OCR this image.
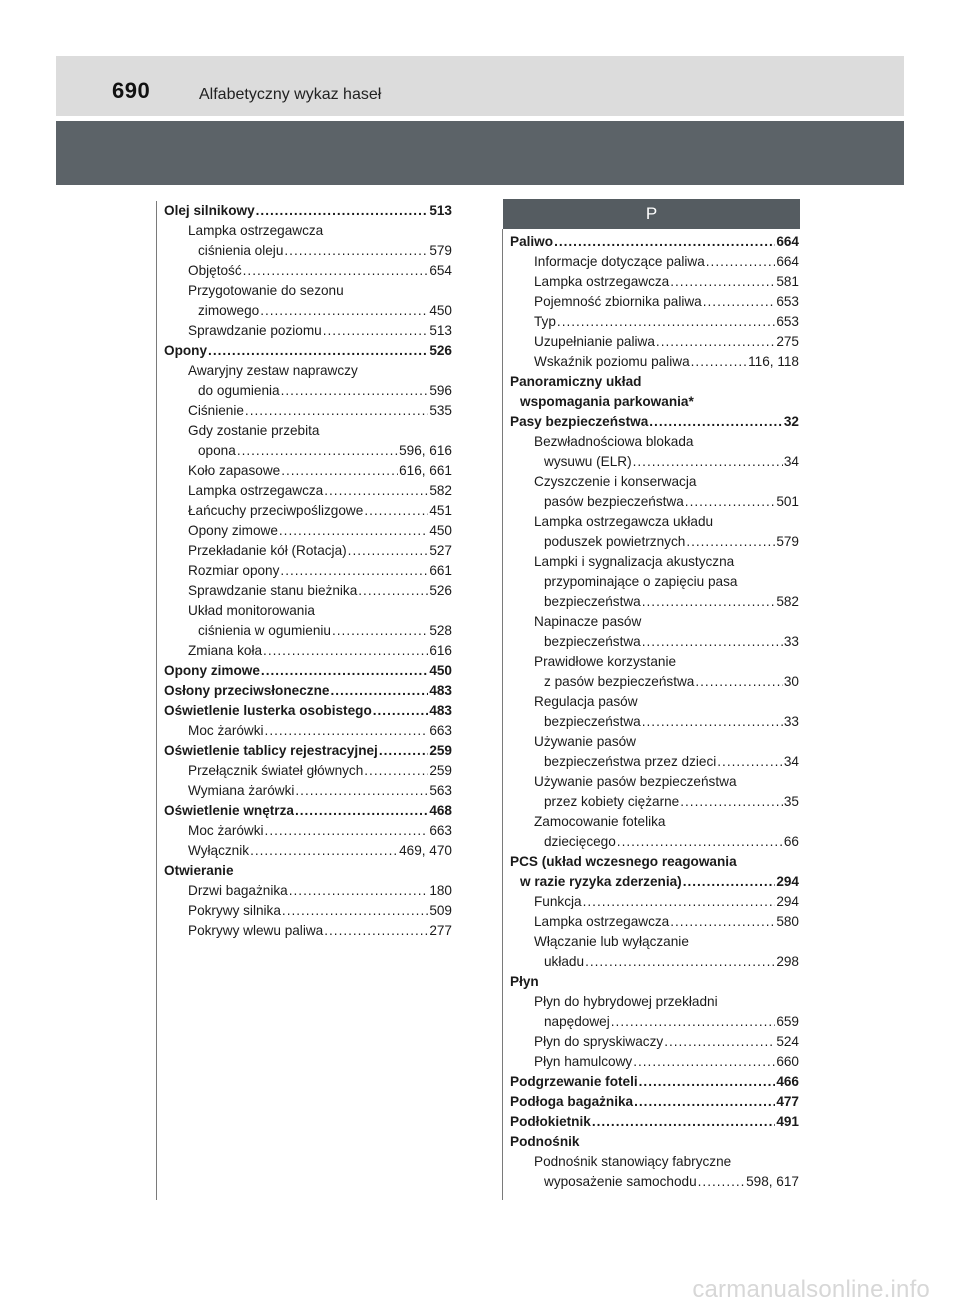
690	Alfabetyczny wykaz haseł
Olej silnikowy .....	513
Lampka ostrzegawcza
ciśnienia oleju .....	579
Objętość .....	654
Przygotowanie do sezonu
zimowego .....	450
Sprawdzanie poziomu .....	513
Opony .....	526
Awaryjny zestaw naprawczy
do ogumienia .....	596
Ciśnienie .....	535
Gdy zostanie przebita
opona .....	596, 616
Koło zapasowe .....	616, 661
Lampka ostrzegawcza .....	582
Łańcuchy przeciwpoślizgowe .....	451
Opony zimowe .....	450
Przekładanie kół (Rotacja) .....	527
Rozmiar opony .....	661
Sprawdzanie stanu bieżnika .....	526
Układ monitorowania
ciśnienia w ogumieniu .....	528
Zmiana koła .....	616
Opony zimowe .....	450
Osłony przeciwsłoneczne .....	483
Oświetlenie lusterka osobistego .....	483
Moc żarówki .....	663
Oświetlenie tablicy rejestracyjnej .....	259
Przełącznik świateł głównych .....	259
Wymiana żarówki .....	563
Oświetlenie wnętrza .....	468
Moc żarówki .....	663
Wyłącznik .....	469, 470
Otwieranie
Drzwi bagażnika .....	180
Pokrywy silnika .....	509
Pokrywy wlewu paliwa .....	277
P
Paliwo .....	664
Informacje dotyczące paliwa .....	664
Lampka ostrzegawcza .....	581
Pojemność zbiornika paliwa .....	653
Typ .....	653
Uzupełnianie paliwa .....	275
Wskaźnik poziomu paliwa .....	116, 118
Panoramiczny układ
wspomagania parkowania*
Pasy bezpieczeństwa .....	32
Bezwładnościowa blokada
wysuwu (ELR) .....	34
Czyszczenie i konserwacja
pasów bezpieczeństwa .....	501
Lampka ostrzegawcza układu
poduszek powietrznych .....	579
Lampki i sygnalizacja akustyczna
przypominające o zapięciu pasa
bezpieczeństwa .....	582
Napinacze pasów
bezpieczeństwa .....	33
Prawidłowe korzystanie
z pasów bezpieczeństwa .....	30
Regulacja pasów
bezpieczeństwa .....	33
Używanie pasów
bezpieczeństwa przez dzieci .....	34
Używanie pasów bezpieczeństwa
przez kobiety ciężarne .....	35
Zamocowanie fotelika
dziecięcego .....	66
PCS (układ wczesnego reagowania
w razie ryzyka zderzenia) .....	294
Funkcja .....	294
Lampka ostrzegawcza .....	580
Włączanie lub wyłączanie
układu .....	298
Płyn
Płyn do hybrydowej przekładni
napędowej .....	659
Płyn do spryskiwaczy .....	524
Płyn hamulcowy .....	660
Podgrzewanie foteli .....	466
Podłoga bagażnika .....	477
Podłokietnik .....	491
Podnośnik
Podnośnik stanowiący fabryczne
wyposażenie samochodu .....	598, 617
carmanualsonline.info
